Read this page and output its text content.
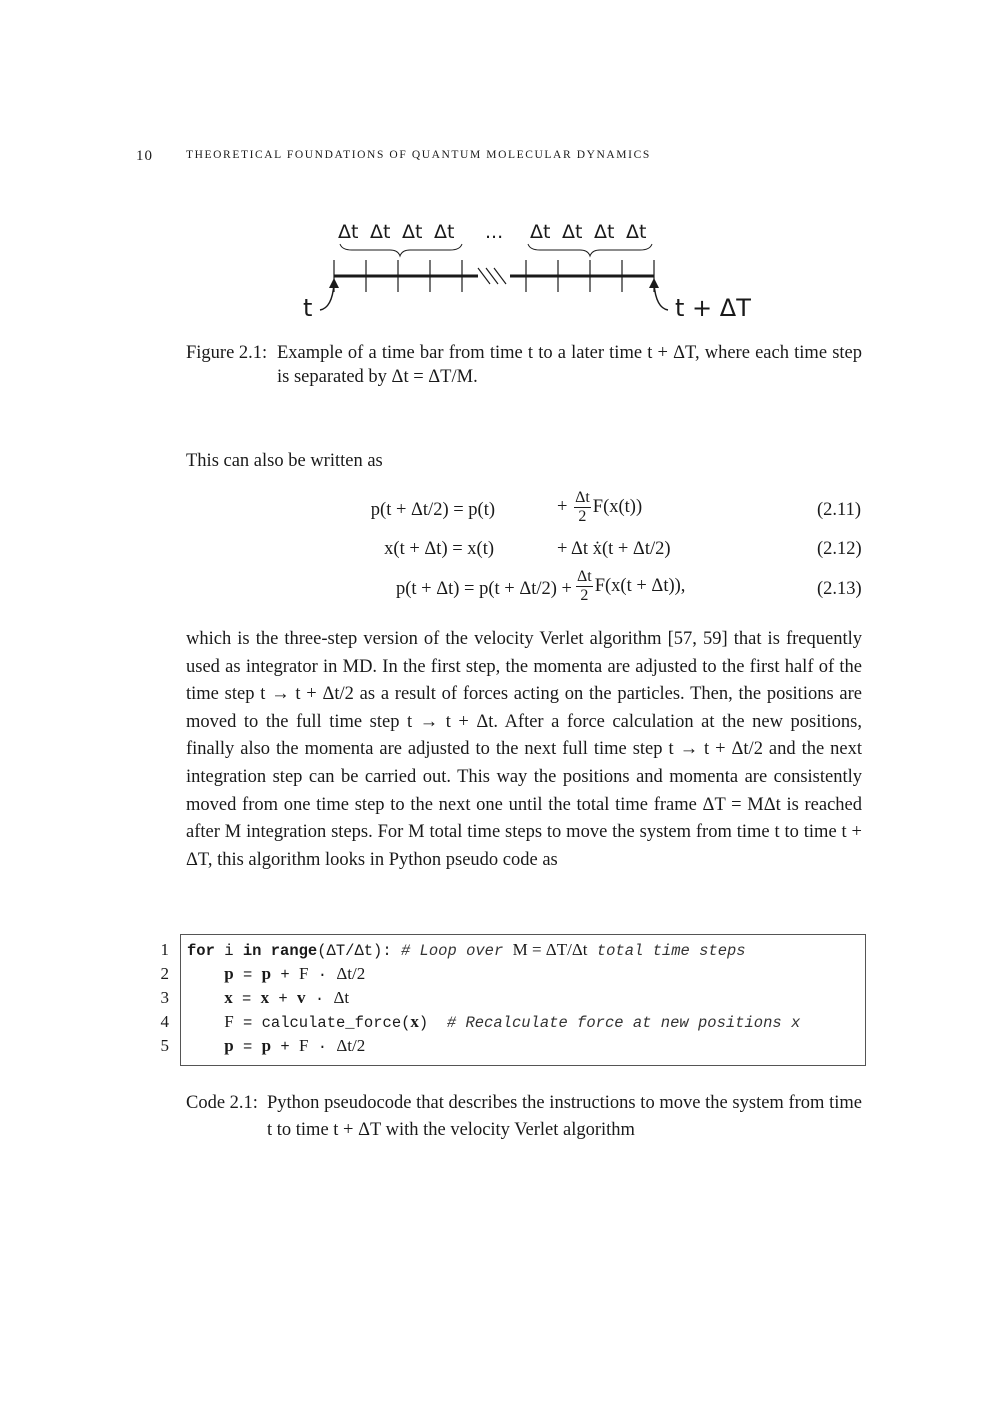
10	THEORETICAL FOUNDATIONS OF QUANTUM MOLECULAR DYNAMICS
Δt Δt Δt Δt ... Δt Δt Δt Δt
t	t + ΔT
Figure 2.1: Example of a time bar from time t to a later time t + ΔT, where each time step is separated by Δt = ΔT/M.
This can also be written as
p(t + Δt/2) = p(t)	+ $\frac{\Delta t}{2} F(x(t))$	(2.11)
x(t + Δt) = x(t)	+ Δt ẋ(t + Δt/2)	(2.12)
$p(t + \Delta t) = p(t + \Delta t/2) + \frac{\Delta t}{2} F(x(t + \Delta t))$,	(2.13)
which is the three-step version of the velocity Verlet algorithm [57, 59] that is frequently used as integrator in MD. In the first step, the momenta are adjusted to the first half of the time step t → t + Δt/2 as a result of forces acting on the particles. Then, the positions are moved to the full time step t → t + Δt. After a force calculation at the new positions, finally also the momenta are adjusted to the next full time step t → t + Δt/2 and the next integration step can be carried out. This way the positions and momenta are consistently moved from one time step to the next one until the total time frame ΔT = MΔt is reached after M integration steps. For M total time steps to move the system from time t to time t + ΔT, this algorithm looks in Python pseudo code as
1 for i in range(ΔT/Δt): # Loop over M = ΔT/Δt total time steps
2	p = p + F · Δt/2
3	x = x + v · Δt
4	F = calculate_force(x)  # Recalculate force at new positions x
5	p = p + F · Δt/2
Code 2.1: Python pseudocode that describes the instructions to move the system from time t to time t + ΔT with the velocity Verlet algorithm
